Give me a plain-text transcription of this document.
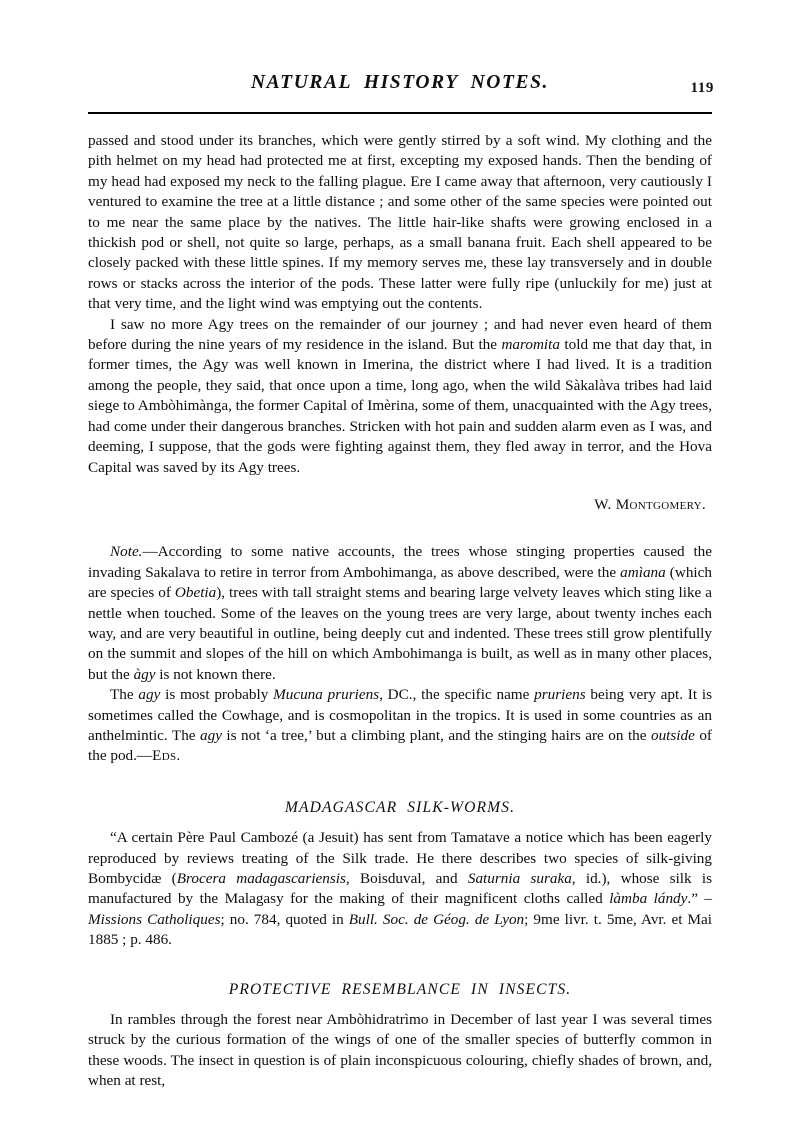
NATURAL HISTORY NOTES.	119

passed and stood under its branches, which were gently stirred by a soft wind. My clothing and the pith helmet on my head had protected me at first, excepting my exposed hands. Then the bending of my head had exposed my neck to the falling plague. Ere I came away that afternoon, very cautiously I ventured to examine the tree at a little distance ; and some other of the same species were pointed out to me near the same place by the natives. The little hair-like shafts were growing enclosed in a thickish pod or shell, not quite so large, perhaps, as a small banana fruit. Each shell appeared to be closely packed with these little spines. If my memory serves me, these lay transversely and in double rows or stacks across the interior of the pods. These latter were fully ripe (unluckily for me) just at that very time, and the light wind was emptying out the contents.

I saw no more Agy trees on the remainder of our journey ; and had never even heard of them before during the nine years of my residence in the island. But the maromita told me that day that, in former times, the Agy was well known in Imerina, the district where I had lived. It is a tradition among the people, they said, that once upon a time, long ago, when the wild Sàkalàva tribes had laid siege to Ambòhimànga, the former Capital of Imèrina, some of them, unacquainted with the Agy trees, had come under their dangerous branches. Stricken with hot pain and sudden alarm even as I was, and deeming, I suppose, that the gods were fighting against them, they fled away in terror, and the Hova Capital was saved by its Agy trees.

W. Montgomery.

Note.—According to some native accounts, the trees whose stinging properties caused the invading Sakalava to retire in terror from Ambohimanga, as above described, were the amìana (which are species of Obetia), trees with tall straight stems and bearing large velvety leaves which sting like a nettle when touched. Some of the leaves on the young trees are very large, about twenty inches each way, and are very beautiful in outline, being deeply cut and indented. These trees still grow plentifully on the summit and slopes of the hill on which Ambohimanga is built, as well as in many other places, but the àgy is not known there.

The agy is most probably Mucuna pruriens, DC., the specific name pruriens being very apt. It is sometimes called the Cowhage, and is cosmopolitan in the tropics. It is used in some countries as an anthelmintic. The agy is not ‘a tree,’ but a climbing plant, and the stinging hairs are on the outside of the pod.—Eds.

MADAGASCAR SILK-WORMS.

“A certain Père Paul Cambozé (a Jesuit) has sent from Tamatave a notice which has been eagerly reproduced by reviews treating of the Silk trade. He there describes two species of silk-giving Bombycidæ (Brocera madagascariensis, Boisduval, and Saturnia suraka, id.), whose silk is manufactured by the Malagasy for the making of their magnificent cloths called làmba lándy.” – Missions Catholiques; no. 784, quoted in Bull. Soc. de Géog. de Lyon; 9me livr. t. 5me, Avr. et Mai 1885 ; p. 486.

PROTECTIVE RESEMBLANCE IN INSECTS.

In rambles through the forest near Ambòhidratrìmo in December of last year I was several times struck by the curious formation of the wings of one of the smaller species of butterfly common in these woods. The insect in question is of plain inconspicuous colouring, chiefly shades of brown, and, when at rest,
